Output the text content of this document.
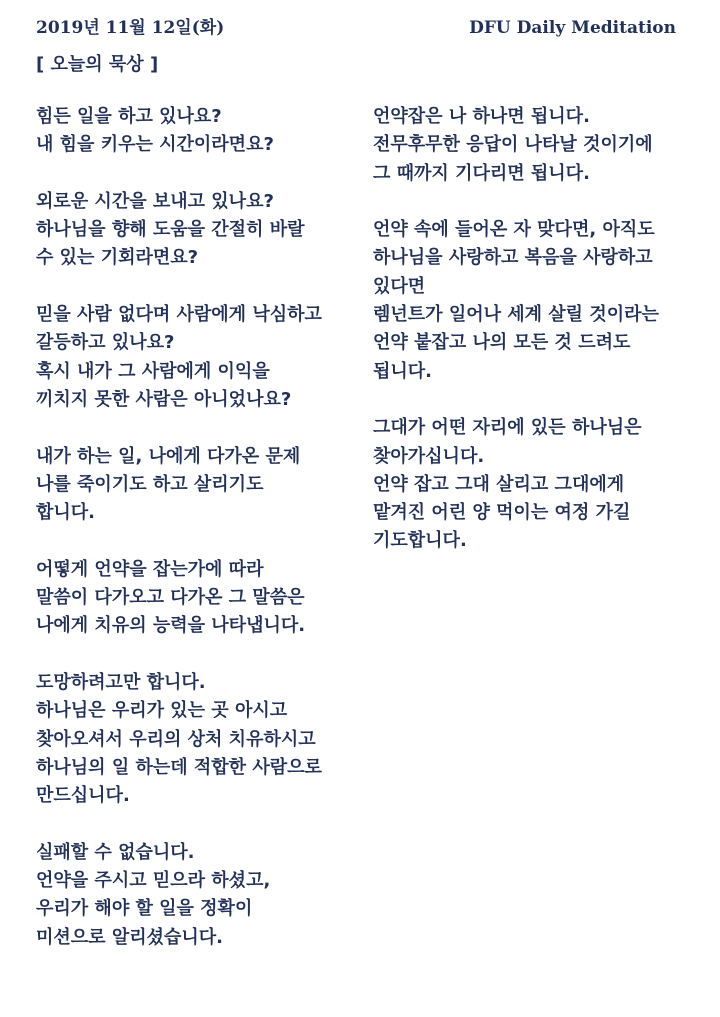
2019년 11월 12일(화)	DFU Daily Meditation
[ 오늘의 묵상 ]
힘든 일을 하고 있나요?
내 힘을 키우는 시간이라면요?
외로운 시간을 보내고 있나요?
하나님을 향해 도움을 간절히 바랄
수 있는 기회라면요?
믿을 사람 없다며 사람에게 낙심하고
갈등하고 있나요?
혹시 내가 그 사람에게 이익을
끼치지 못한 사람은 아니었나요?
내가 하는 일, 나에게 다가온 문제
나를 죽이기도 하고 살리기도
합니다.
어떻게 언약을 잡는가에 따라
말씀이 다가오고 다가온 그 말씀은
나에게 치유의 능력을 나타냅니다.
도망하려고만 합니다.
하나님은 우리가 있는 곳 아시고
찾아오셔서 우리의 상처 치유하시고
하나님의 일 하는데 적합한 사람으로
만드십니다.
실패할 수 없습니다.
언약을 주시고 믿으라 하셨고,
우리가 해야 할 일을 정확이
미션으로 알리셨습니다.
언약잡은 나 하나면 됩니다.
전무후무한 응답이 나타날 것이기에
그 때까지 기다리면 됩니다.
언약 속에 들어온 자 맞다면, 아직도
하나님을 사랑하고 복음을 사랑하고
있다면
렘넌트가 일어나 세계 살릴 것이라는
언약 붙잡고 나의 모든 것 드려도
됩니다.
그대가 어떤 자리에 있든 하나님은
찾아가십니다.
언약 잡고 그대 살리고 그대에게
맡겨진 어린 양 먹이는 여정 가길
기도합니다.
